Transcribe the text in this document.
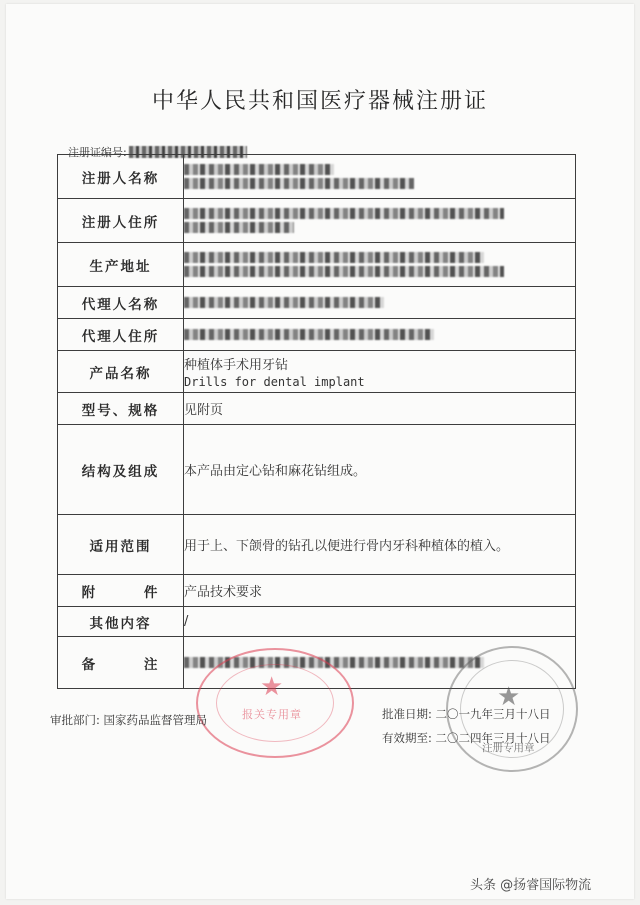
中华人民共和国医疗器械注册证
注册证编号:
注册人名称	

注册人住所	

生产地址	

代理人名称	

代理人住所	

产品名称	种植体手术用牙钻
Drills for dental implant

型号、规格	见附页
结构及组成	本产品由定心钻和麻花钻组成。
适用范围	用于上、下颌骨的钻孔以便进行骨内牙科种植体的植入。
附 件	产品技术要求
其他内容	/
备 注	
★
报关专用章
审批部门: 国家药品监督管理局	批准日期: 二〇一九年三月十八日
有效期至: 二〇二四年三月十八日
★
注册专用章
头条 @扬睿国际物流
